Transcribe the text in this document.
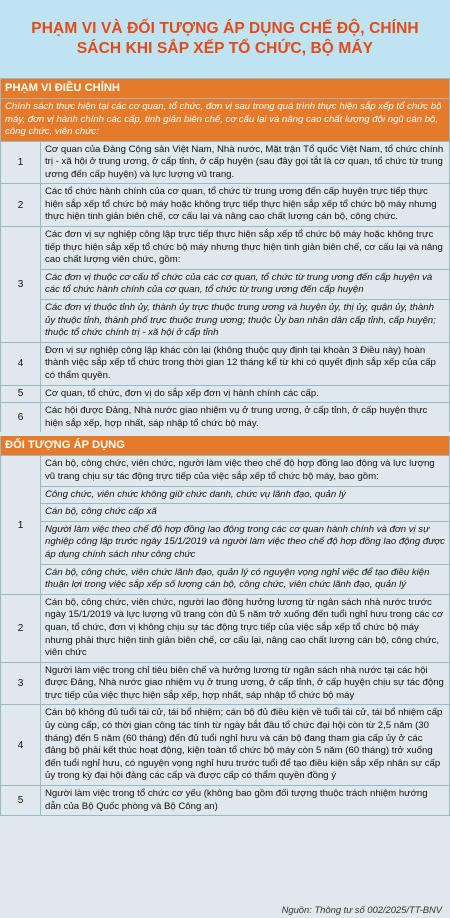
PHẠM VI VÀ ĐỐI TƯỢNG ÁP DỤNG CHẾ ĐỘ, CHÍNH
SÁCH KHI SẮP XẾP TỔ CHỨC, BỘ MÁY
PHẠM VI ĐIỀU CHỈNH	
Chính sách thực hiện tại các cơ quan, tổ chức, đơn vị sau trong quá trình thực hiện sắp xếp tổ chức bộ máy, đơn vị hành chính các cấp, tinh giản biên chế, cơ cấu lại và nâng cao chất lượng đội ngũ cán bộ, công chức, viên chức:	
1	Cơ quan của Đảng Cộng sản Việt Nam, Nhà nước, Mặt trận Tổ quốc Việt Nam, tổ chức chính trị - xã hội ở trung ương, ở cấp tỉnh, ở cấp huyện (sau đây gọi tắt là cơ quan, tổ chức từ trung ương đến cấp huyện) và lực lượng vũ trang.
2	Các tổ chức hành chính của cơ quan, tổ chức từ trung ương đến cấp huyện trực tiếp thực hiện sắp xếp tổ chức bộ máy hoặc không trực tiếp thực hiện sắp xếp tổ chức bộ máy nhưng thực hiện tinh giản biên chế, cơ cấu lại và nâng cao chất lượng cán bộ, công chức.
3	Các đơn vị sự nghiệp công lập trực tiếp thực hiện sắp xếp tổ chức bộ máy hoặc không trực tiếp thực hiện sắp xếp tổ chức bộ máy nhưng thực hiện tinh giản biên chế, cơ cấu lại và nâng cao chất lượng viên chức, gồm:
Các đơn vị thuộc cơ cấu tổ chức của các cơ quan, tổ chức từ trung ương đến cấp huyện và các tổ chức hành chính của cơ quan, tổ chức từ trung ương đến cấp huyện
Các đơn vị thuộc tỉnh ủy, thành ủy trực thuộc trung ương và huyện ủy, thị ủy, quận ủy, thành ủy thuộc tỉnh, thành phố trực thuộc trung ương; thuộc Ủy ban nhân dân cấp tỉnh, cấp huyện; thuộc tổ chức chính trị - xã hội ở cấp tỉnh

4	Đơn vị sự nghiệp công lập khác còn lại (không thuộc quy định tại khoản 3 Điều này) hoàn thành việc sắp xếp tổ chức trong thời gian 12 tháng kể từ khi có quyết định sắp xếp của cấp có thẩm quyền.
5	Cơ quan, tổ chức, đơn vị do sắp xếp đơn vị hành chính các cấp.
6	Các hội được Đảng, Nhà nước giao nhiệm vụ ở trung ương, ở cấp tỉnh, ở cấp huyện thực hiện sắp xếp, hợp nhất, sáp nhập tổ chức bộ máy.
ĐỐI TƯỢNG ÁP DỤNG	
1	Cán bộ, công chức, viên chức, người làm việc theo chế độ hợp đồng lao động và lực lượng vũ trang chịu sự tác động trực tiếp của việc sắp xếp tổ chức bộ máy, bao gồm:
Công chức, viên chức không giữ chức danh, chức vụ lãnh đạo, quản lý
Cán bộ, công chức cấp xã
Người làm việc theo chế độ hợp đồng lao động trong các cơ quan hành chính và đơn vị sự nghiệp công lập trước ngày 15/1/2019 và người làm việc theo chế độ hợp đồng lao động được áp dụng chính sách như công chức
Cán bộ, công chức, viên chức lãnh đạo, quản lý có nguyện vọng nghỉ việc để tạo điều kiện thuận lợi trong việc sắp xếp số lượng cán bộ, công chức, viên chức lãnh đạo, quản lý

2	Cán bộ, công chức, viên chức, người lao động hưởng lương từ ngân sách nhà nước trước ngày 15/1/2019 và lực lượng vũ trang còn đủ 5 năm trở xuống đến tuổi nghỉ hưu trong các cơ quan, tổ chức, đơn vị không chịu sự tác động trực tiếp của việc sắp xếp tổ chức bộ máy nhưng phải thực hiện tinh giản biên chế, cơ cấu lại, nâng cao chất lượng cán bộ, công chức, viên chức
3	Người làm việc trong chỉ tiêu biên chế và hưởng lương từ ngân sách nhà nước tại các hội được Đảng, Nhà nước giao nhiệm vụ ở trung ương, ở cấp tỉnh, ở cấp huyện chịu sự tác động trực tiếp của việc thực hiện sắp xếp, hợp nhất, sáp nhập tổ chức bộ máy
4	Cán bộ không đủ tuổi tái cử, tái bổ nhiệm; cán bộ đủ điều kiện về tuổi tái cử, tái bổ nhiệm cấp ủy cùng cấp, có thời gian công tác tính từ ngày bắt đầu tổ chức đại hội còn từ 2,5 năm (30 tháng) đến 5 năm (60 tháng) đến đủ tuổi nghỉ hưu và cán bộ đang tham gia cấp ủy ở các đảng bộ phải kết thúc hoạt động, kiện toàn tổ chức bộ máy còn 5 năm (60 tháng) trở xuống đến tuổi nghỉ hưu, có nguyện vọng nghỉ hưu trước tuổi để tạo điều kiện sắp xếp nhân sự cấp ủy trong kỳ đại hội đảng các cấp và được cấp có thẩm quyền đồng ý
5	Người làm việc trong tổ chức cơ yếu (không bao gồm đối tượng thuộc trách nhiệm hướng dẫn của Bộ Quốc phòng và Bộ Công an)
Nguồn: Thông tư số 002/2025/TT-BNV
